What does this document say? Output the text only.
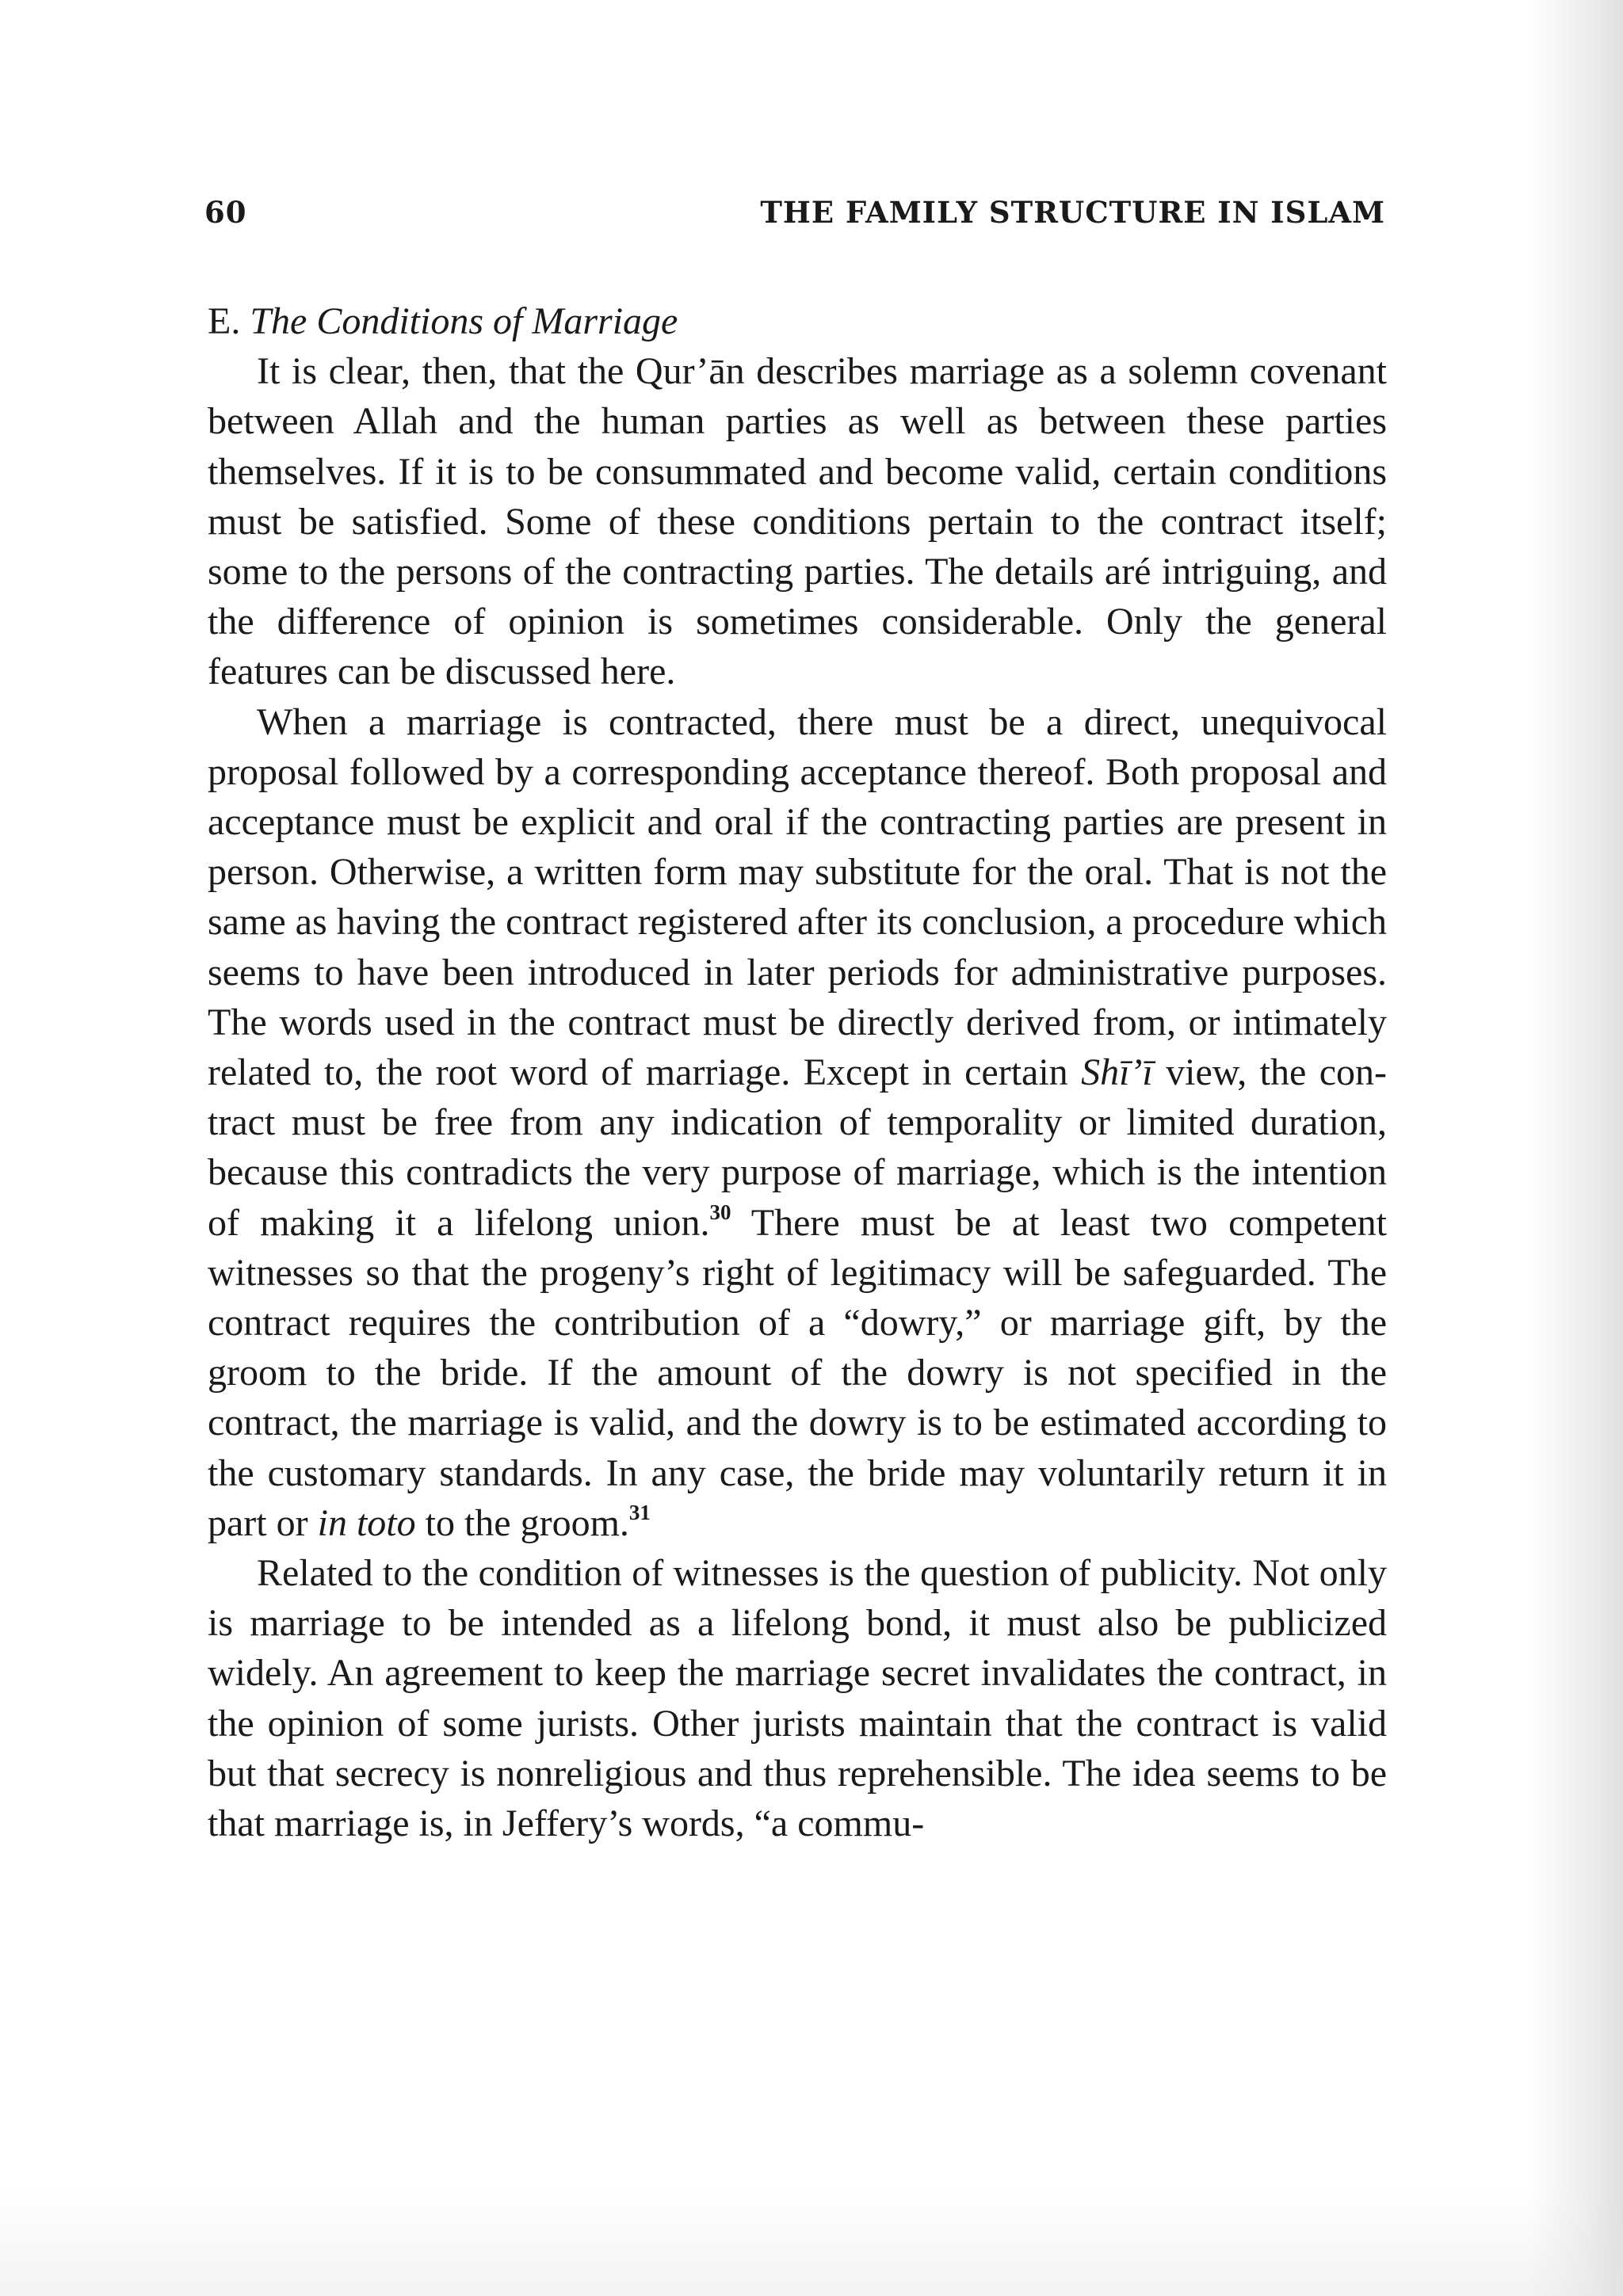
60	THE FAMILY STRUCTURE IN ISLAM
E. The Conditions of Marriage

It is clear, then, that the Qur’ān describes marriage as a solemn covenant between Allah and the human parties as well as between these parties themselves. If it is to be consummated and become valid, certain conditions must be satisfied. Some of these conditions pertain to the contract itself; some to the persons of the contracting parties. The details aré intriguing, and the difference of opinion is sometimes considerable. Only the general features can be discussed here.

When a marriage is contracted, there must be a direct, unequivocal proposal followed by a corresponding acceptance thereof. Both proposal and acceptance must be explicit and oral if the contracting parties are present in person. Otherwise, a written form may substitute for the oral. That is not the same as having the contract registered after its conclusion, a procedure which seems to have been introduced in later periods for administrative purposes. The words used in the contract must be directly derived from, or intimately related to, the root word of marriage. Except in certain Shī’ī view, the contract must be free from any indication of temporality or limited duration, because this contradicts the very purpose of marriage, which is the intention of making it a lifelong union.$^{30}$ There must be at least two competent witnesses so that the progeny’s right of legitimacy will be safeguarded. The contract requires the contribution of a “dowry,” or marriage gift, by the groom to the bride. If the amount of the dowry is not specified in the contract, the marriage is valid, and the dowry is to be estimated according to the customary standards. In any case, the bride may voluntarily return it in part or in toto to the groom.$^{31}$

Related to the condition of witnesses is the question of publicity. Not only is marriage to be intended as a lifelong bond, it must also be publicized widely. An agreement to keep the marriage secret invalidates the contract, in the opinion of some jurists. Other jurists maintain that the contract is valid but that secrecy is nonreligious and thus reprehensible. The idea seems to be that marriage is, in Jeffery’s words, “a commu-
